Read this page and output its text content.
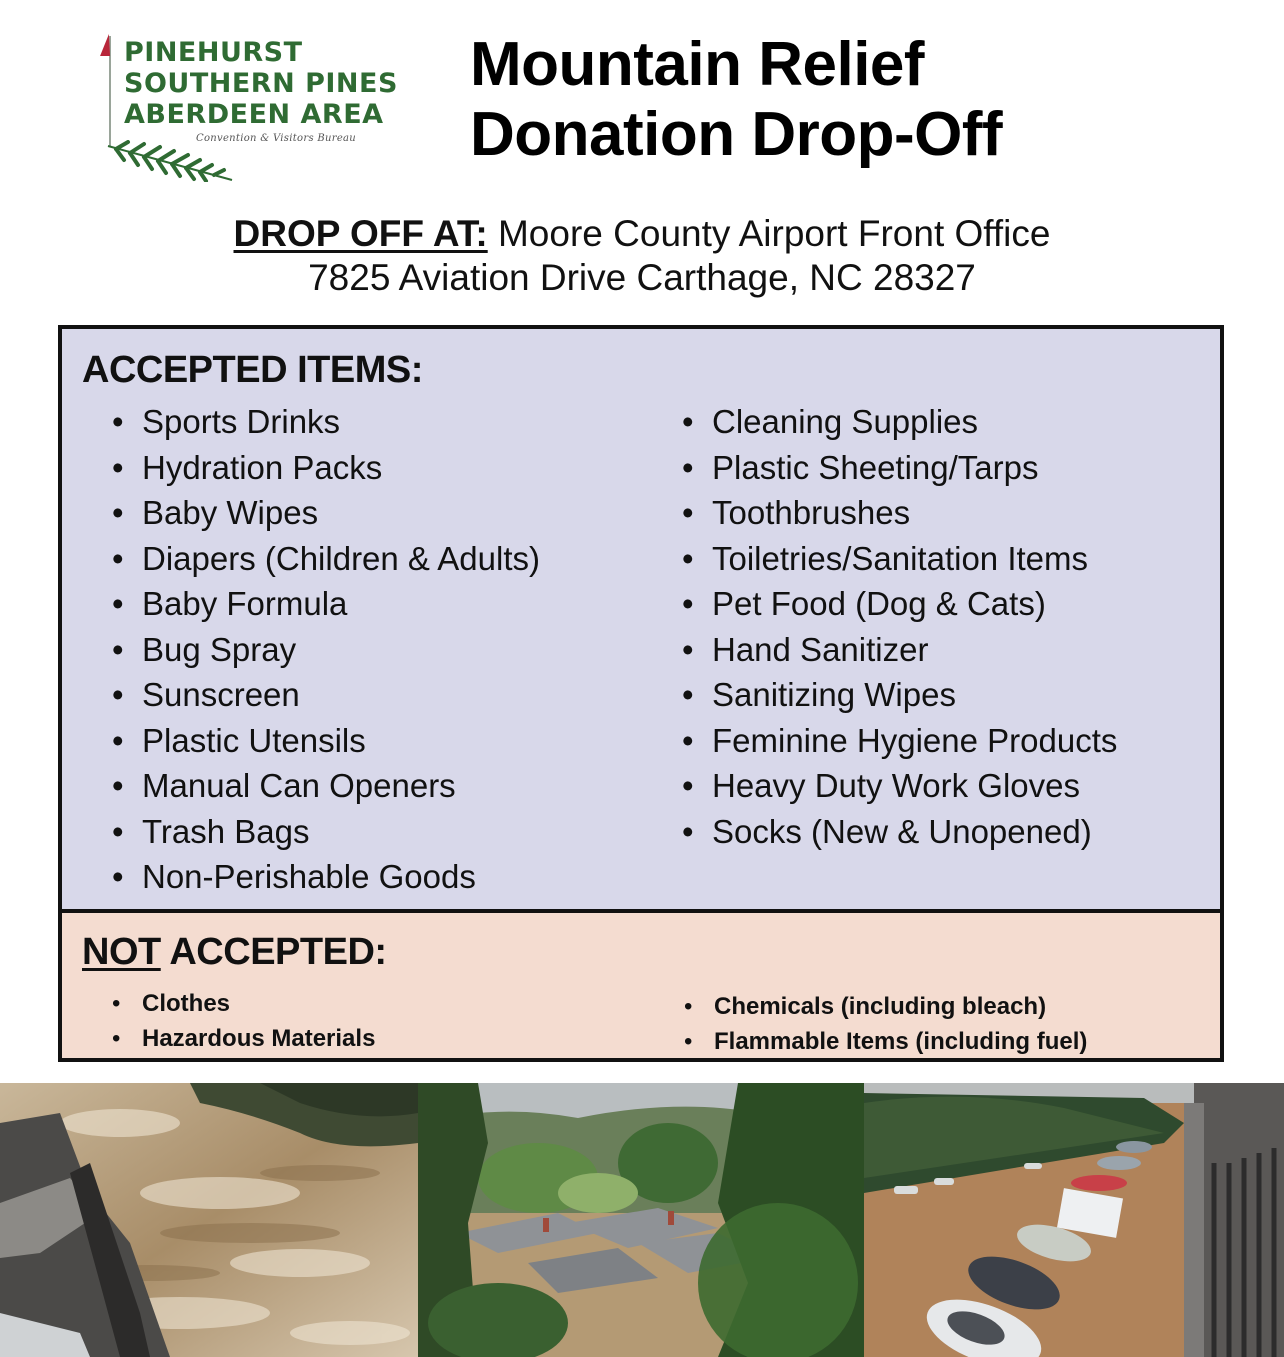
PINEHURST
SOUTHERN PINES
ABERDEEN AREA
Convention & Visitors Bureau
Mountain Relief
Donation Drop-Off
DROP OFF AT: Moore County Airport Front Office
7825 Aviation Drive Carthage, NC 28327
ACCEPTED ITEMS:
• Sports Drinks
• Hydration Packs
• Baby Wipes
• Diapers (Children & Adults)
• Baby Formula
• Bug Spray
• Sunscreen
• Plastic Utensils
• Manual Can Openers
• Trash Bags
• Non-Perishable Goods
• Cleaning Supplies
• Plastic Sheeting/Tarps
• Toothbrushes
• Toiletries/Sanitation Items
• Pet Food (Dog & Cats)
• Hand Sanitizer
• Sanitizing Wipes
• Feminine Hygiene Products
• Heavy Duty Work Gloves
• Socks (New & Unopened)
NOT ACCEPTED:
• Clothes
• Hazardous Materials
• Chemicals (including bleach)
• Flammable Items (including fuel)
